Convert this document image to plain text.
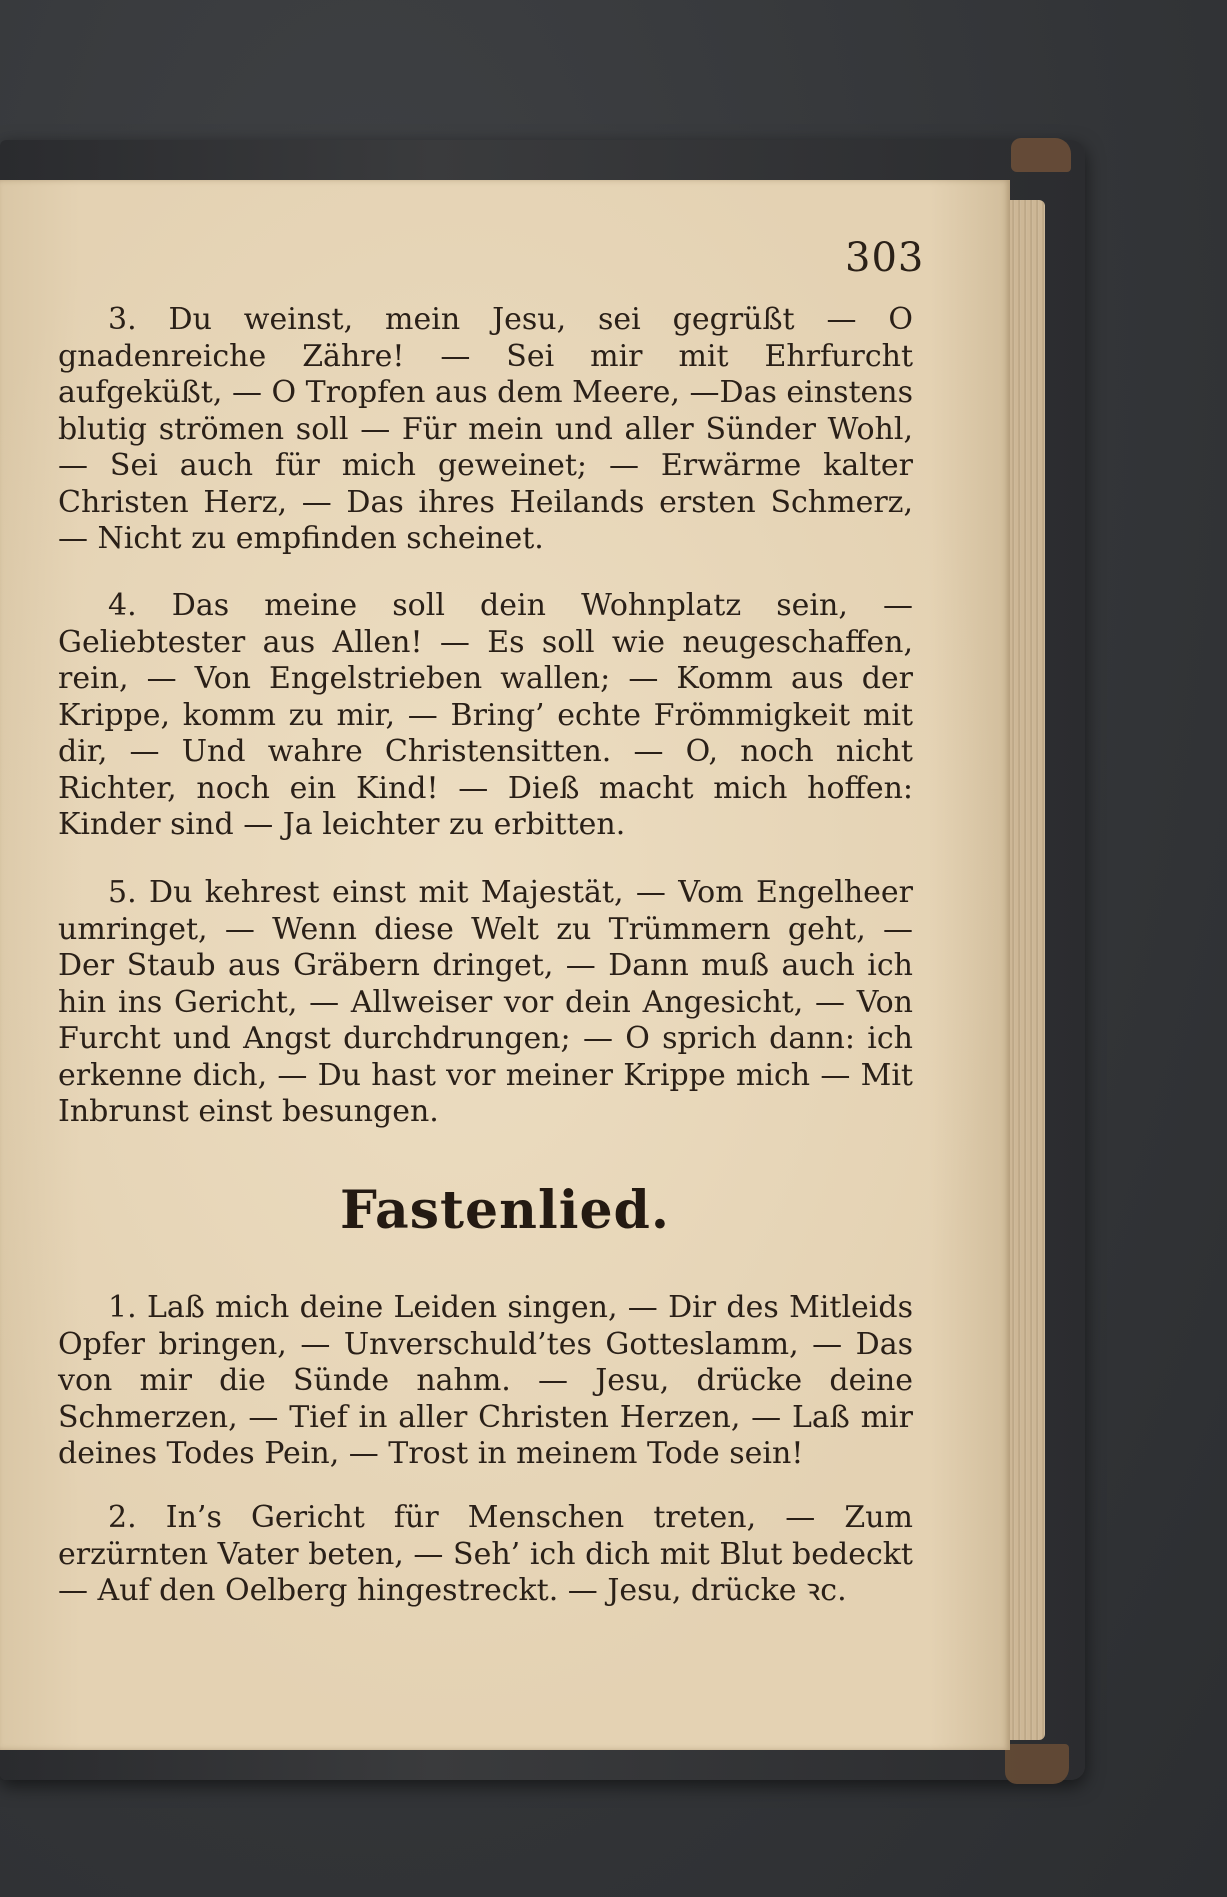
303
3. Du weinst, mein Jesu, sei gegrüßt — O gnadenreiche Zähre! — Sei mir mit Ehrfurcht aufgeküßt, — O Tropfen aus dem Meere, —Das einstens blutig strömen soll — Für mein und aller Sünder Wohl, — Sei auch für mich geweinet; — Erwärme kalter Christen Herz, — Das ihres Heilands ersten Schmerz, — Nicht zu empfinden scheinet.
4. Das meine soll dein Wohnplatz sein, — Geliebtester aus Allen! — Es soll wie neugeschaffen, rein, — Von Engelstrieben wallen; — Komm aus der Krippe, komm zu mir, — Bring’ echte Frömmigkeit mit dir, — Und wahre Christensitten. — O, noch nicht Richter, noch ein Kind! — Dieß macht mich hoffen: Kinder sind — Ja leichter zu erbitten.
5. Du kehrest einst mit Majestät, — Vom Engelheer umringet, — Wenn diese Welt zu Trümmern geht, — Der Staub aus Gräbern dringet, — Dann muß auch ich hin ins Gericht, — Allweiser vor dein Angesicht, — Von Furcht und Angst durchdrungen; — O sprich dann: ich erkenne dich, — Du hast vor meiner Krippe mich — Mit Inbrunst einst besungen.
Fastenlied.
1. Laß mich deine Leiden singen, — Dir des Mitleids Opfer bringen, — Unverschuld’tes Gotteslamm, — Das von mir die Sünde nahm. — Jesu, drücke deine Schmerzen, — Tief in aller Christen Herzen, — Laß mir deines Todes Pein, — Trost in meinem Tode sein!
2. In’s Gericht für Menschen treten, — Zum erzürnten Vater beten, — Seh’ ich dich mit Blut bedeckt — Auf den Oelberg hingestreckt. — Jesu, drücke ꝛc.
